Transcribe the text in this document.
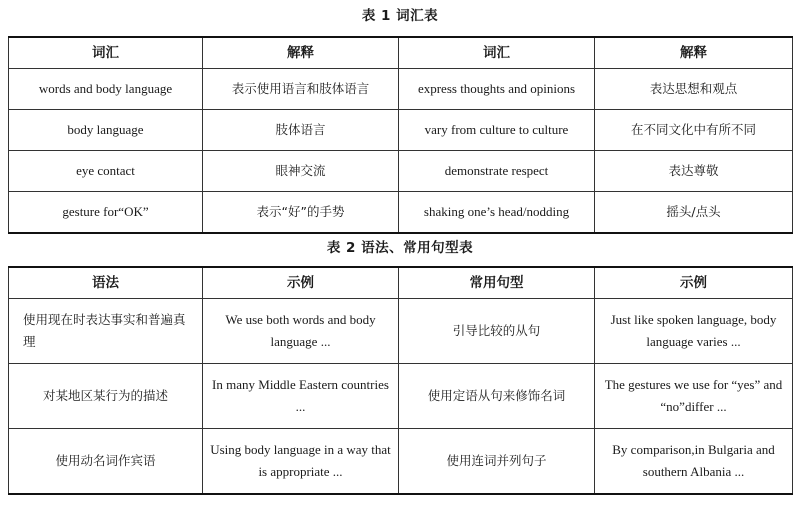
表 1 词汇表
词汇	解释	词汇	解释
words and body language	表示使用语言和肢体语言	express thoughts and opinions	表达思想和观点
body language	肢体语言	vary from culture to culture	在不同文化中有所不同
eye contact	眼神交流	demonstrate respect	表达尊敬
gesture for“OK”	表示“好”的手势	shaking one’s head/nodding	摇头/点头
表 2 语法、常用句型表
语法	示例	常用句型	示例
使用现在时表达事实和普遍真理	We use both words and body language ...	引导比较的从句	Just like spoken language, body language varies ...
对某地区某行为的描述	In many Middle Eastern countries ...	使用定语从句来修饰名词	The gestures we use for “yes” and “no”differ ...
使用动名词作宾语	Using body language in a way that is appropriate ...	使用连词并列句子	By comparison,in Bulgaria and southern Albania ...
